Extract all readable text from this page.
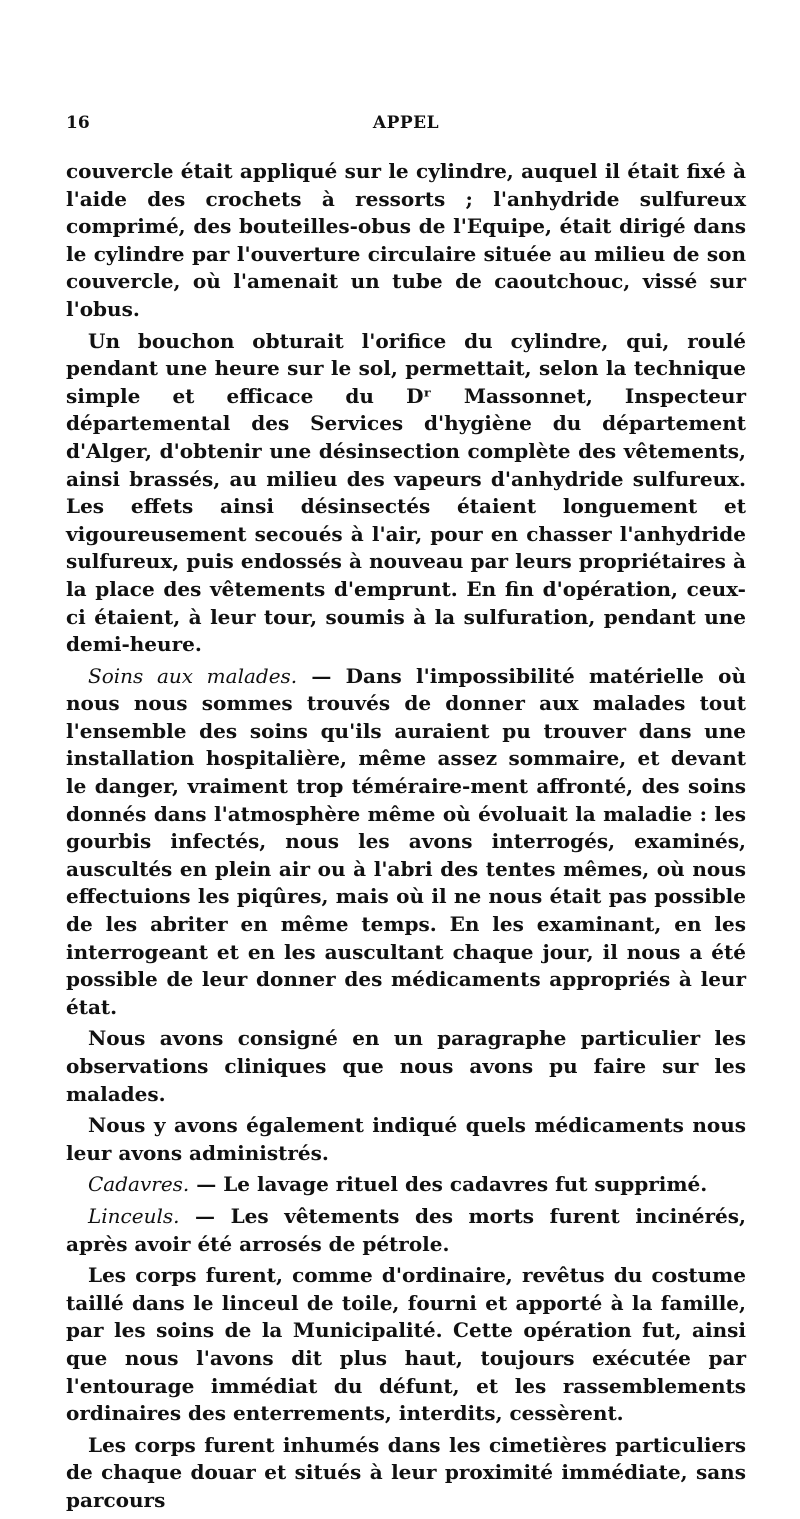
16	APPEL

couvercle était appliqué sur le cylindre, auquel il était fixé à l'aide des crochets à ressorts ; l'anhydride sulfureux comprimé, des bouteilles-obus de l'Equipe, était dirigé dans le cylindre par l'ouverture circulaire située au milieu de son couvercle, où l'amenait un tube de caoutchouc, vissé sur l'obus.

Un bouchon obturait l'orifice du cylindre, qui, roulé pendant une heure sur le sol, permettait, selon la technique simple et efficace du Dʳ Massonnet, Inspecteur départemental des Services d'hygiène du département d'Alger, d'obtenir une désinsection complète des vêtements, ainsi brassés, au milieu des vapeurs d'anhydride sulfureux. Les effets ainsi désinsectés étaient longuement et vigoureusement secoués à l'air, pour en chasser l'anhydride sulfureux, puis endossés à nouveau par leurs propriétaires à la place des vêtements d'emprunt. En fin d'opération, ceux-ci étaient, à leur tour, soumis à la sulfuration, pendant une demi-heure.

Soins aux malades. — Dans l'impossibilité matérielle où nous nous sommes trouvés de donner aux malades tout l'ensemble des soins qu'ils auraient pu trouver dans une installation hospitalière, même assez sommaire, et devant le danger, vraiment trop téméraire-ment affronté, des soins donnés dans l'atmosphère même où évoluait la maladie : les gourbis infectés, nous les avons interrogés, examinés, auscultés en plein air ou à l'abri des tentes mêmes, où nous effectuions les piqûres, mais où il ne nous était pas possible de les abriter en même temps. En les examinant, en les interrogeant et en les auscultant chaque jour, il nous a été possible de leur donner des médicaments appropriés à leur état.

Nous avons consigné en un paragraphe particulier les observations cliniques que nous avons pu faire sur les malades.

Nous y avons également indiqué quels médicaments nous leur avons administrés.

Cadavres. — Le lavage rituel des cadavres fut supprimé.

Linceuls. — Les vêtements des morts furent incinérés, après avoir été arrosés de pétrole.

Les corps furent, comme d'ordinaire, revêtus du costume taillé dans le linceul de toile, fourni et apporté à la famille, par les soins de la Municipalité. Cette opération fut, ainsi que nous l'avons dit plus haut, toujours exécutée par l'entourage immédiat du défunt, et les rassemblements ordinaires des enterrements, interdits, cessèrent.

Les corps furent inhumés dans les cimetières particuliers de chaque douar et situés à leur proximité immédiate, sans parcours
